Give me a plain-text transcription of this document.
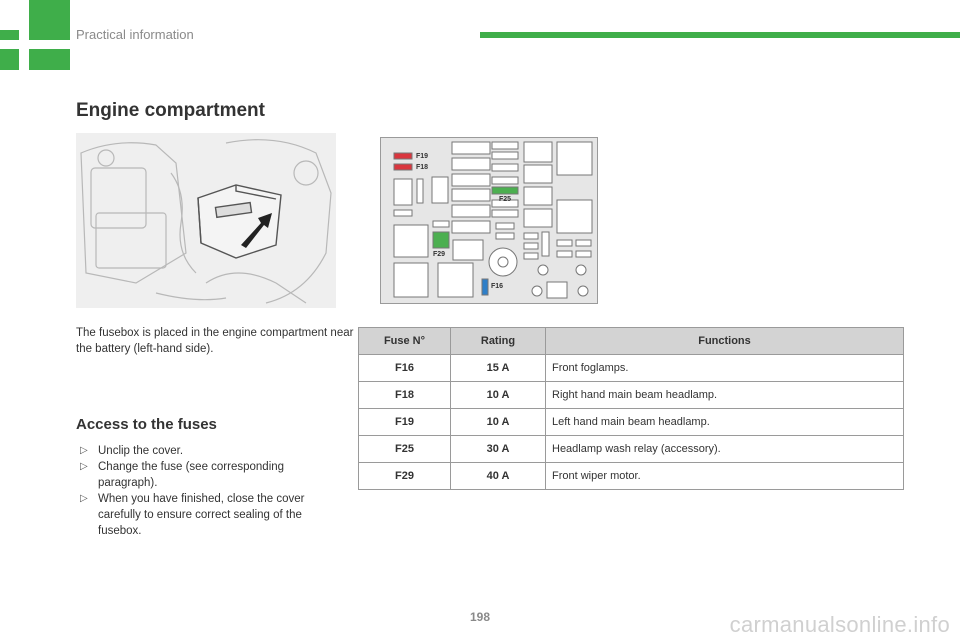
Practical information
Engine compartment
F19
F18
F25
F29
F16

The fusebox is placed in the engine compartment near the battery (left-hand side).

Access to the fuses
▷ Unclip the cover.
▷ Change the fuse (see corresponding paragraph).
▷ When you have finished, close the cover carefully to ensure correct sealing of the fusebox.
Fuse N°	Rating	Functions
F16	15 A	Front foglamps.
F18	10 A	Right hand main beam headlamp.
F19	10 A	Left hand main beam headlamp.
F25	30 A	Headlamp wash relay (accessory).
F29	40 A	Front wiper motor.
198	carmanualsonline.info
